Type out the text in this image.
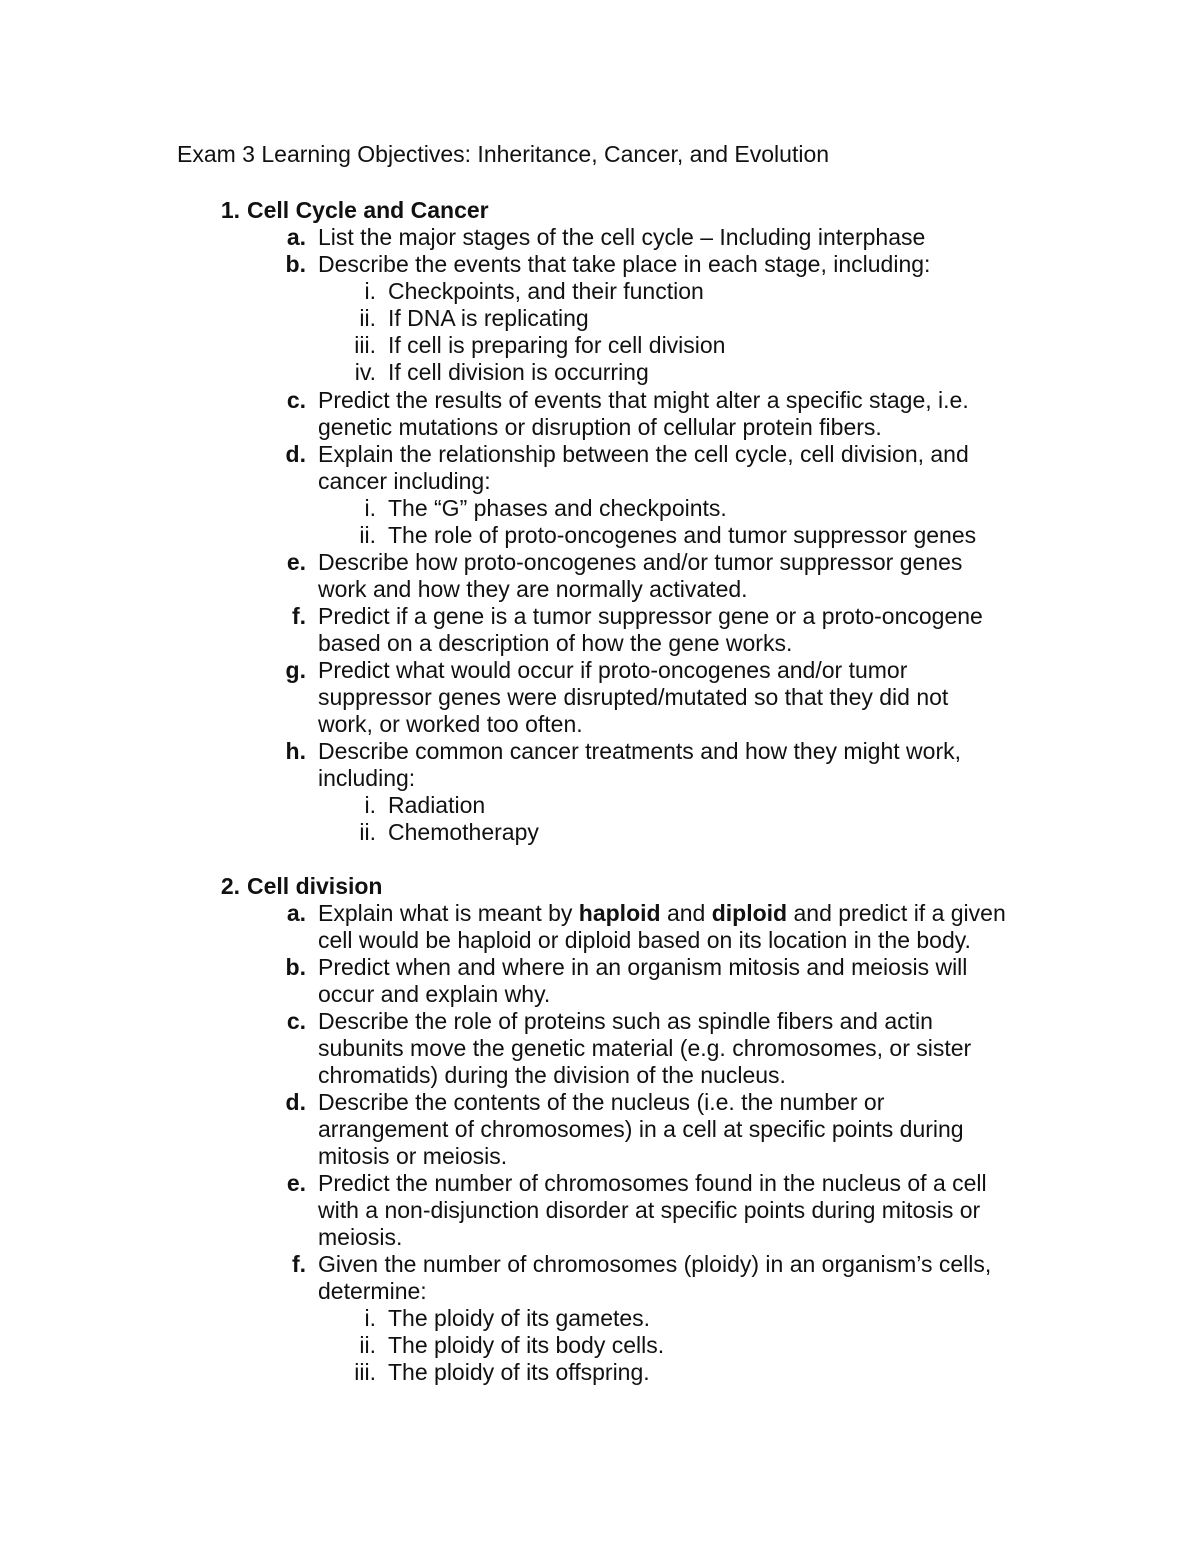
Exam 3 Learning Objectives: Inheritance, Cancer, and Evolution
1. Cell Cycle and Cancer
a. List the major stages of the cell cycle – Including interphase
b. Describe the events that take place in each stage, including:
i. Checkpoints, and their function
ii. If DNA is replicating
iii. If cell is preparing for cell division
iv. If cell division is occurring
c. Predict the results of events that might alter a specific stage, i.e.
genetic mutations or disruption of cellular protein fibers.
d. Explain the relationship between the cell cycle, cell division, and
cancer including:
i. The “G” phases and checkpoints.
ii. The role of proto-oncogenes and tumor suppressor genes
e. Describe how proto-oncogenes and/or tumor suppressor genes
work and how they are normally activated.
f. Predict if a gene is a tumor suppressor gene or a proto-oncogene
based on a description of how the gene works.
g. Predict what would occur if proto-oncogenes and/or tumor
suppressor genes were disrupted/mutated so that they did not
work, or worked too often.
h. Describe common cancer treatments and how they might work,
including:
i. Radiation
ii. Chemotherapy
2. Cell division
a. Explain what is meant by haploid and diploid and predict if a given
cell would be haploid or diploid based on its location in the body.
b. Predict when and where in an organism mitosis and meiosis will
occur and explain why.
c. Describe the role of proteins such as spindle fibers and actin
subunits move the genetic material (e.g. chromosomes, or sister
chromatids) during the division of the nucleus.
d. Describe the contents of the nucleus (i.e. the number or
arrangement of chromosomes) in a cell at specific points during
mitosis or meiosis.
e. Predict the number of chromosomes found in the nucleus of a cell
with a non-disjunction disorder at specific points during mitosis or
meiosis.
f. Given the number of chromosomes (ploidy) in an organism’s cells,
determine:
i. The ploidy of its gametes.
ii. The ploidy of its body cells.
iii. The ploidy of its offspring.
